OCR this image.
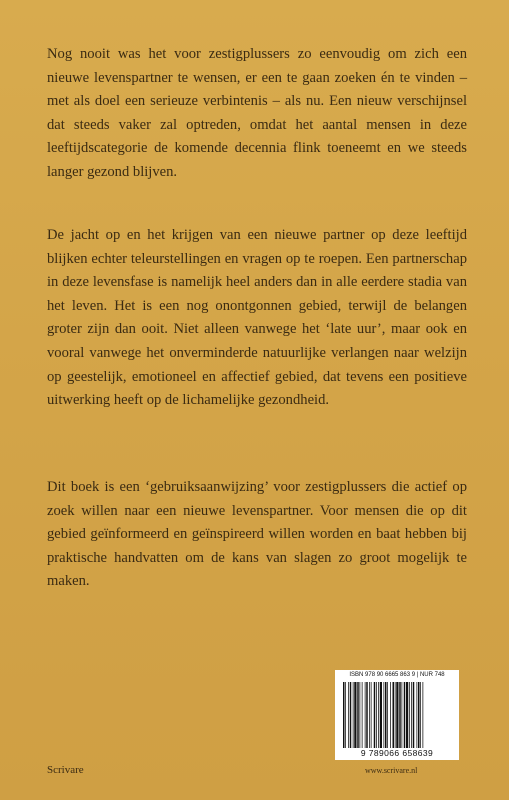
Nog nooit was het voor zestigplussers zo eenvoudig om zich een nieuwe levenspartner te wensen, er een te gaan zoeken én te vinden – met als doel een serieuze verbintenis – als nu. Een nieuw verschijnsel dat steeds vaker zal optreden, omdat het aantal mensen in deze leeftijdscategorie de komende decennia flink toeneemt en we steeds langer gezond blijven.

De jacht op en het krijgen van een nieuwe partner op deze leeftijd blijken echter teleurstellingen en vragen op te roepen. Een partnerschap in deze levensfase is namelijk heel anders dan in alle eerdere stadia van het leven. Het is een nog onontgonnen gebied, terwijl de belangen groter zijn dan ooit. Niet alleen vanwege het ‘late uur’, maar ook en vooral vanwege het onverminderde natuurlijke verlangen naar welzijn op geestelijk, emotioneel en affectief gebied, dat tevens een positieve uitwerking heeft op de lichamelijke gezondheid.

Dit boek is een ‘gebruiksaanwijzing’ voor zestigplussers die actief op zoek willen naar een nieuwe levenspartner. Voor mensen die op dit gebied geïnformeerd en geïnspireerd willen worden en baat hebben bij praktische handvatten om de kans van slagen zo groot mogelijk te maken.

ISBN 978 90 6665 863 9 | NUR 748
9 789066 658639
Scrivare	www.scrivare.nl
